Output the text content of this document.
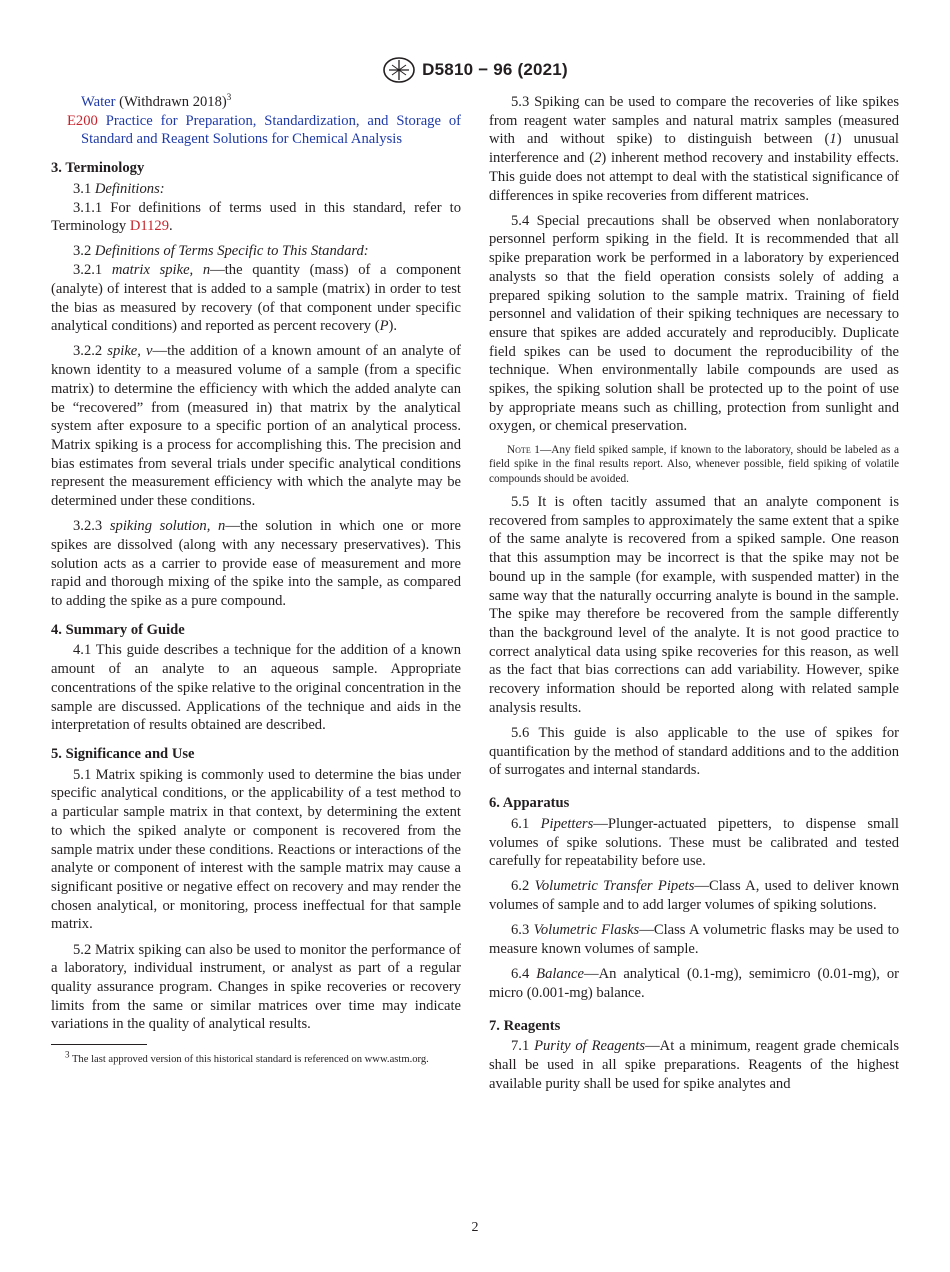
D5810 − 96 (2021)

Water (Withdrawn 2018)$^3$

E200 Practice for Preparation, Standardization, and Storage of Standard and Reagent Solutions for Chemical Analysis

3. Terminology

3.1 Definitions:

3.1.1 For definitions of terms used in this standard, refer to Terminology D1129.

3.2 Definitions of Terms Specific to This Standard:

3.2.1 matrix spike, n—the quantity (mass) of a component (analyte) of interest that is added to a sample (matrix) in order to test the bias as measured by recovery (of that component under specific analytical conditions) and reported as percent recovery (P).

3.2.2 spike, v—the addition of a known amount of an analyte of known identity to a measured volume of a sample (from a specific matrix) to determine the efficiency with which the added analyte can be “recovered” from (measured in) that matrix by the analytical system after exposure to a specific portion of an analytical process. Matrix spiking is a process for accomplishing this. The precision and bias estimates from several trials under specific analytical conditions represent the measurement efficiency with which the analyte may be determined under these conditions.

3.2.3 spiking solution, n—the solution in which one or more spikes are dissolved (along with any necessary preservatives). This solution acts as a carrier to provide ease of measurement and more rapid and thorough mixing of the spike into the sample, as compared to adding the spike as a pure compound.

4. Summary of Guide

4.1 This guide describes a technique for the addition of a known amount of an analyte to an aqueous sample. Appropriate concentrations of the spike relative to the original concentration in the sample are discussed. Applications of the technique and aids in the interpretation of results obtained are described.

5. Significance and Use

5.1 Matrix spiking is commonly used to determine the bias under specific analytical conditions, or the applicability of a test method to a particular sample matrix in that context, by determining the extent to which the spiked analyte or component is recovered from the sample matrix under these conditions. Reactions or interactions of the analyte or component of interest with the sample matrix may cause a significant positive or negative effect on recovery and may render the chosen analytical, or monitoring, process ineffectual for that sample matrix.

5.2 Matrix spiking can also be used to monitor the performance of a laboratory, individual instrument, or analyst as part of a regular quality assurance program. Changes in spike recoveries or recovery limits from the same or similar matrices over time may indicate variations in the quality of analytical results.

$^3$ The last approved version of this historical standard is referenced on www.astm.org.

5.3 Spiking can be used to compare the recoveries of like spikes from reagent water samples and natural matrix samples (measured with and without spike) to distinguish between (1) unusual interference and (2) inherent method recovery and instability effects. This guide does not attempt to deal with the statistical significance of differences in spike recoveries from different matrices.

5.4 Special precautions shall be observed when nonlaboratory personnel perform spiking in the field. It is recommended that all spike preparation work be performed in a laboratory by experienced analysts so that the field operation consists solely of adding a prepared spiking solution to the sample matrix. Training of field personnel and validation of their spiking techniques are necessary to ensure that spikes are added accurately and reproducibly. Duplicate field spikes can be used to document the reproducibility of the technique. When environmentally labile compounds are used as spikes, the spiking solution shall be protected up to the point of use by appropriate means such as chilling, protection from sunlight and oxygen, or chemical preservation.

Note 1—Any field spiked sample, if known to the laboratory, should be labeled as a field spike in the final results report. Also, whenever possible, field spiking of volatile compounds should be avoided.

5.5 It is often tacitly assumed that an analyte component is recovered from samples to approximately the same extent that a spike of the same analyte is recovered from a spiked sample. One reason that this assumption may be incorrect is that the spike may not be bound up in the sample (for example, with suspended matter) in the same way that the naturally occurring analyte is bound in the sample. The spike may therefore be recovered from the sample differently than the background level of the analyte. It is not good practice to correct analytical data using spike recoveries for this reason, as well as the fact that bias corrections can add variability. However, spike recovery information should be reported along with related sample analysis results.

5.6 This guide is also applicable to the use of spikes for quantification by the method of standard additions and to the addition of surrogates and internal standards.

6. Apparatus

6.1 Pipetters—Plunger-actuated pipetters, to dispense small volumes of spike solutions. These must be calibrated and tested carefully for repeatability before use.

6.2 Volumetric Transfer Pipets—Class A, used to deliver known volumes of sample and to add larger volumes of spiking solutions.

6.3 Volumetric Flasks—Class A volumetric flasks may be used to measure known volumes of sample.

6.4 Balance—An analytical (0.1-mg), semimicro (0.01-mg), or micro (0.001-mg) balance.

7. Reagents

7.1 Purity of Reagents—At a minimum, reagent grade chemicals shall be used in all spike preparations. Reagents of the highest available purity shall be used for spike analytes and

2
